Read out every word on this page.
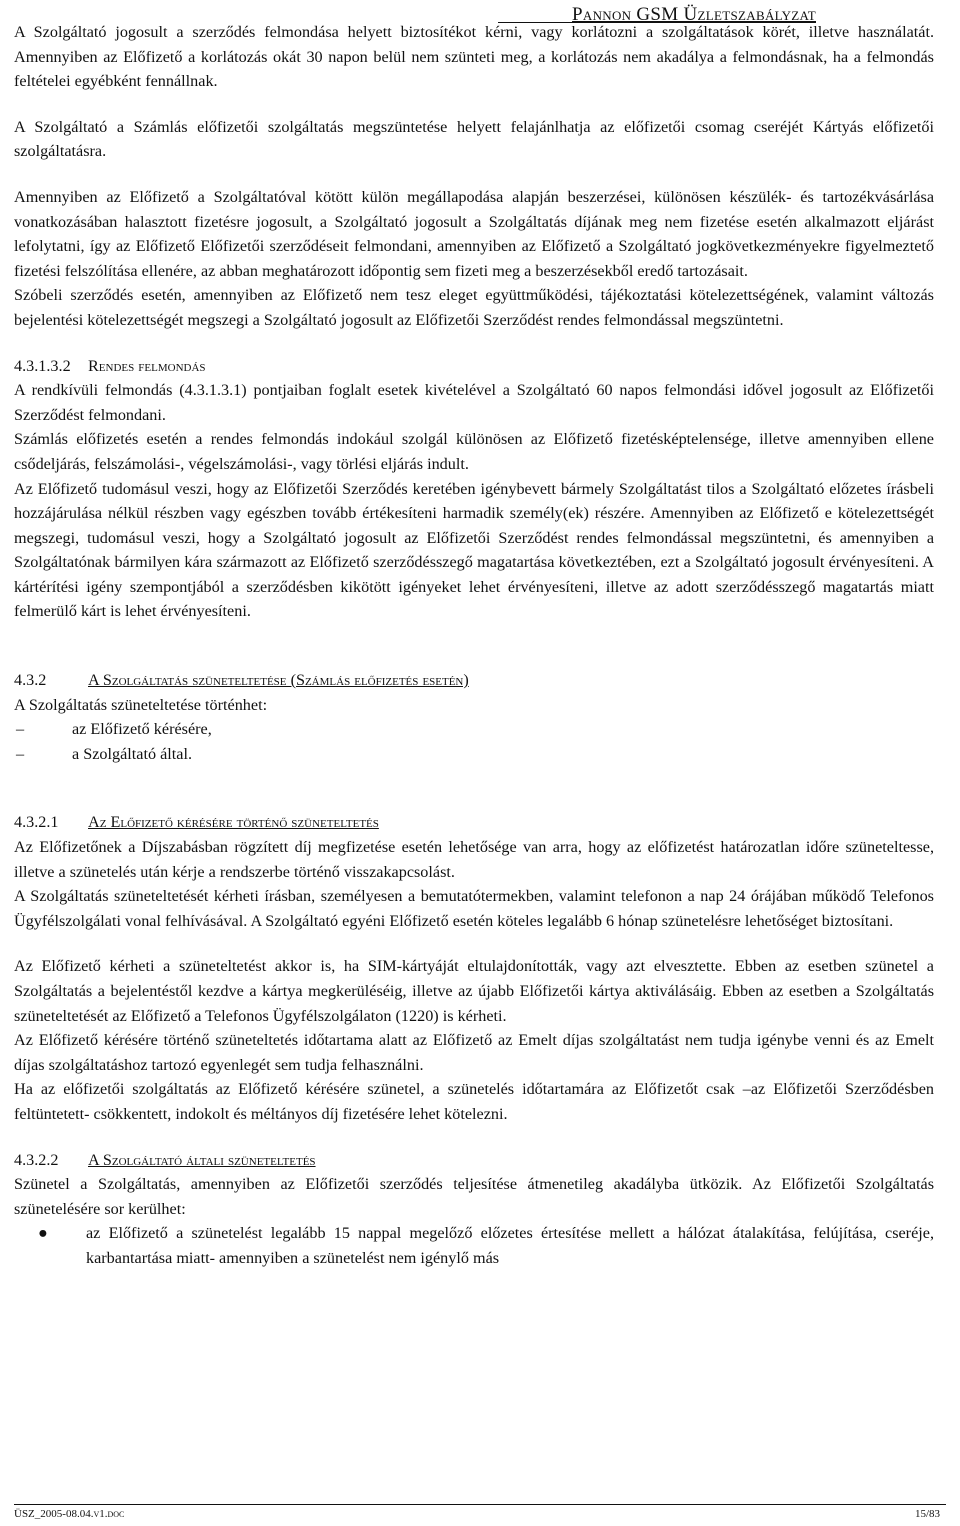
Pannon GSM Üzletszabályzat

A Szolgáltató jogosult a szerződés felmondása helyett biztosítékot kérni, vagy korlátozni a szolgáltatások körét, illetve használatát. Amennyiben az Előfizető a korlátozás okát 30 napon belül nem szünteti meg, a korlátozás nem akadálya a felmondásnak, ha a felmondás feltételei egyébként fennállnak.

A Szolgáltató a Számlás előfizetői szolgáltatás megszüntetése helyett felajánlhatja az előfizetői csomag cseréjét Kártyás előfizetői szolgáltatásra.

Amennyiben az Előfizető a Szolgáltatóval kötött külön megállapodása alapján beszerzései, különösen készülék- és tartozékvásárlása vonatkozásában halasztott fizetésre jogosult, a Szolgáltató jogosult a Szolgáltatás díjának meg nem fizetése esetén alkalmazott eljárást lefolytatni, így az Előfizető Előfizetői szerződéseit felmondani, amennyiben az Előfizető a Szolgáltató jogkövetkezményekre figyelmeztető fizetési felszólítása ellenére, az abban meghatározott időpontig sem fizeti meg a beszerzésekből eredő tartozásait.

Szóbeli szerződés esetén, amennyiben az Előfizető nem tesz eleget együttműködési, tájékoztatási kötelezettségének, valamint változás bejelentési kötelezettségét megszegi a Szolgáltató jogosult az Előfizetői Szerződést rendes felmondással megszüntetni.

4.3.1.3.2	Rendes felmondás

A rendkívüli felmondás (4.3.1.3.1) pontjaiban foglalt esetek kivételével a Szolgáltató 60 napos felmondási idővel jogosult az Előfizetői Szerződést felmondani.

Számlás előfizetés esetén a rendes felmondás indokául szolgál különösen az Előfizető fizetésképtelensége, illetve amennyiben ellene csődeljárás, felszámolási-, végelszámolási-, vagy törlési eljárás indult.

Az Előfizető tudomásul veszi, hogy az Előfizetői Szerződés keretében igénybevett bármely Szolgáltatást tilos a Szolgáltató előzetes írásbeli hozzájárulása nélkül részben vagy egészben tovább értékesíteni harmadik személy(ek) részére. Amennyiben az Előfizető e kötelezettségét megszegi, tudomásul veszi, hogy a Szolgáltató jogosult az Előfizetői Szerződést rendes felmondással megszüntetni, és amennyiben a Szolgáltatónak bármilyen kára származott az Előfizető szerződésszegő magatartása következtében, ezt a Szolgáltató jogosult érvényesíteni. A kártérítési igény szempontjából a szerződésben kikötött igényeket lehet érvényesíteni, illetve az adott szerződésszegő magatartás miatt felmerülő kárt is lehet érvényesíteni.

4.3.2	A Szolgáltatás szüneteltetése (Számlás előfizetés esetén)

A Szolgáltatás szüneteltetése történhet:

–	az Előfizető kérésére,
–	a Szolgáltató által.
4.3.2.1	Az Előfizető kérésére történő szüneteltetés

Az Előfizetőnek a Díjszabásban rögzített díj megfizetése esetén lehetősége van arra, hogy az előfizetést határozatlan időre szüneteltesse, illetve a szünetelés után kérje a rendszerbe történő visszakapcsolást.

A Szolgáltatás szüneteltetését kérheti írásban, személyesen a bemutatótermekben, valamint telefonon a nap 24 órájában működő Telefonos Ügyfélszolgálati vonal felhívásával. A Szolgáltató egyéni Előfizető esetén köteles legalább 6 hónap szünetelésre lehetőséget biztosítani.

Az Előfizető kérheti a szüneteltetést akkor is, ha SIM-kártyáját eltulajdonították, vagy azt elvesztette. Ebben az esetben szünetel a Szolgáltatás a bejelentéstől kezdve a kártya megkerüléséig, illetve az újabb Előfizetői kártya aktiválásáig. Ebben az esetben a Szolgáltatás szüneteltetését az Előfizető a Telefonos Ügyfélszolgálaton (1220) is kérheti.

Az Előfizető kérésére történő szüneteltetés időtartama alatt az Előfizető az Emelt díjas szolgáltatást nem tudja igénybe venni és az Emelt díjas szolgáltatáshoz tartozó egyenlegét sem tudja felhasználni.

Ha az előfizetői szolgáltatás az Előfizető kérésére szünetel, a szünetelés időtartamára az Előfizetőt csak –az Előfizetői Szerződésben feltüntetett- csökkentett, indokolt és méltányos díj fizetésére lehet kötelezni.

4.3.2.2	A Szolgáltató általi szüneteltetés

Szünetel a Szolgáltatás, amennyiben az Előfizetői szerződés teljesítése átmenetileg akadályba ütközik. Az Előfizetői Szolgáltatás szünetelésére sor kerülhet:

●	az Előfizető a szünetelést legalább 15 nappal megelőző előzetes értesítése mellett a hálózat átalakítása, felújítása, cseréje, karbantartása miatt- amennyiben a szünetelést nem igénylő más
ÜSZ_2005-08.04.v1.doc	15/83
